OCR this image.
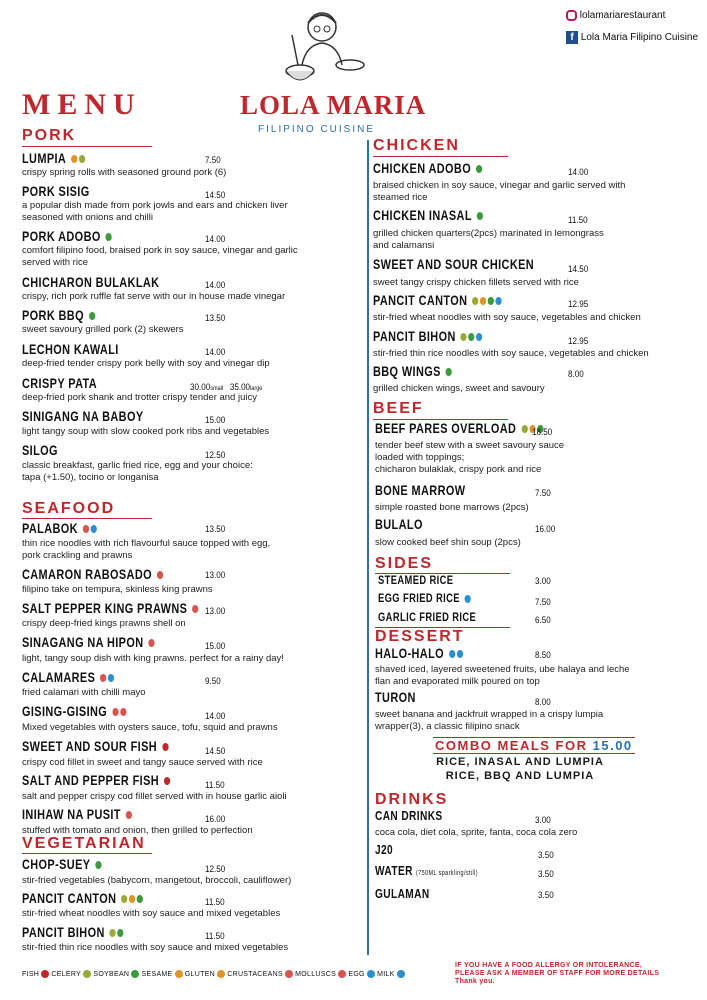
MENU	LOLA MARIA
FILIPINO CUISINE
lolamariarestaurant
f Lola Maria Filipino Cuisine
PORK
LUMPIA	7.50
crispy spring rolls with seasoned ground pork (6)
PORK SISIG	14.50
a popular dish made from pork jowls and ears and chicken liver
seasoned with onions and chilli
PORK ADOBO	14.00
comfort filipino food, braised pork in soy sauce, vinegar and garlic
served with rice
CHICHARON BULAKLAK	14.00
crispy, rich pork ruffle fat serve with our in house made vinegar
PORK BBQ	13.50
sweet savoury grilled pork (2) skewers
LECHON KAWALI	14.00
deep-fried tender crispy pork belly with soy and vinegar dip
CRISPY PATA	30.00small 35.00large
deep-fried pork shank and trotter crispy tender and juicy
SINIGANG NA BABOY	15.00
light tangy soup with slow cooked pork ribs and vegetables
SILOG	12.50
classic breakfast, garlic fried rice, egg and your choice:
tapa (+1.50), tocino or longanisa
SEAFOOD
PALABOK	13.50
thin rice noodles with rich flavourful sauce topped with egg,
pork crackling and prawns
CAMARON RABOSADO	13.00
filipino take on tempura, skinless king prawns
SALT PEPPER KING PRAWNS	13.00
crispy deep-fried kings prawns shell on
SINAGANG NA HIPON	15.00
light, tangy soup dish with king prawns. perfect for a rainy day!
CALAMARES	9.50
fried calamari with chilli mayo
GISING-GISING	14.00
Mixed vegetables with oysters sauce, tofu, squid and prawns
SWEET AND SOUR FISH	14.50
crispy cod fillet in sweet and tangy sauce served with rice
SALT AND PEPPER FISH	11.50
salt and pepper crispy cod fillet served with in house garlic aioli
INIHAW NA PUSIT	16.00
stuffed with tomato and onion, then grilled to perfection
VEGETARIAN
CHOP-SUEY	12.50
stir-fried vegetables (babycorn, mangetout, broccoli, cauliflower)
PANCIT CANTON	11.50
stir-fried wheat noodles with soy sauce and mixed vegetables
PANCIT BIHON	11.50
stir-fried thin rice noodles with soy sauce and mixed vegetables
CHICKEN
CHICKEN ADOBO	14.00
braised chicken in soy sauce, vinegar and garlic served with
steamed rice
CHICKEN INASAL	11.50
grilled chicken quarters(2pcs) marinated in lemongrass
and calamansi
SWEET AND SOUR CHICKEN	14.50
sweet tangy crispy chicken fillets served with rice
PANCIT CANTON	12.95
stir-fried wheat noodles with soy sauce, vegetables and chicken
PANCIT BIHON	12.95
stir-fried thin rice noodles with soy sauce, vegetables and chicken
BBQ WINGS	8.00
grilled chicken wings, sweet and savoury
BEEF
BEEF PARES OVERLOAD	18.50
tender beef stew with a sweet savoury sauce
loaded with toppings;
chicharon bulaklak, crispy pork and rice
BONE MARROW	7.50
simple roasted bone marrows (2pcs)
BULALO	16.00
slow cooked beef shin soup (2pcs)
SIDES
STEAMED RICE	3.00
EGG FRIED RICE	7.50
GARLIC FRIED RICE	6.50
DESSERT
HALO-HALO	8.50
shaved iced, layered sweetened fruits, ube halaya and leche
flan and evaporated milk poured on top
TURON	8.00
sweet banana and jackfruit wrapped in a crispy lumpia
wrapper(3), a classic filipino snack
COMBO MEALS FOR 15.00
RICE, INASAL AND LUMPIA
RICE, BBQ AND LUMPIA
DRINKS
CAN DRINKS	3.00
coca cola, diet cola, sprite, fanta, coca cola zero
J20	3.50
WATER (750ML sparkling/still)	3.50
GULAMAN	3.50
FISH CELERY SOYBEAN SESAME GLUTEN CRUSTACEANS MOLLUSCS EGG MILK
IF YOU HAVE A FOOD ALLERGY OR INTOLERANCE,
PLEASE ASK A MEMBER OF STAFF FOR MORE DETAILS
Thank you.
